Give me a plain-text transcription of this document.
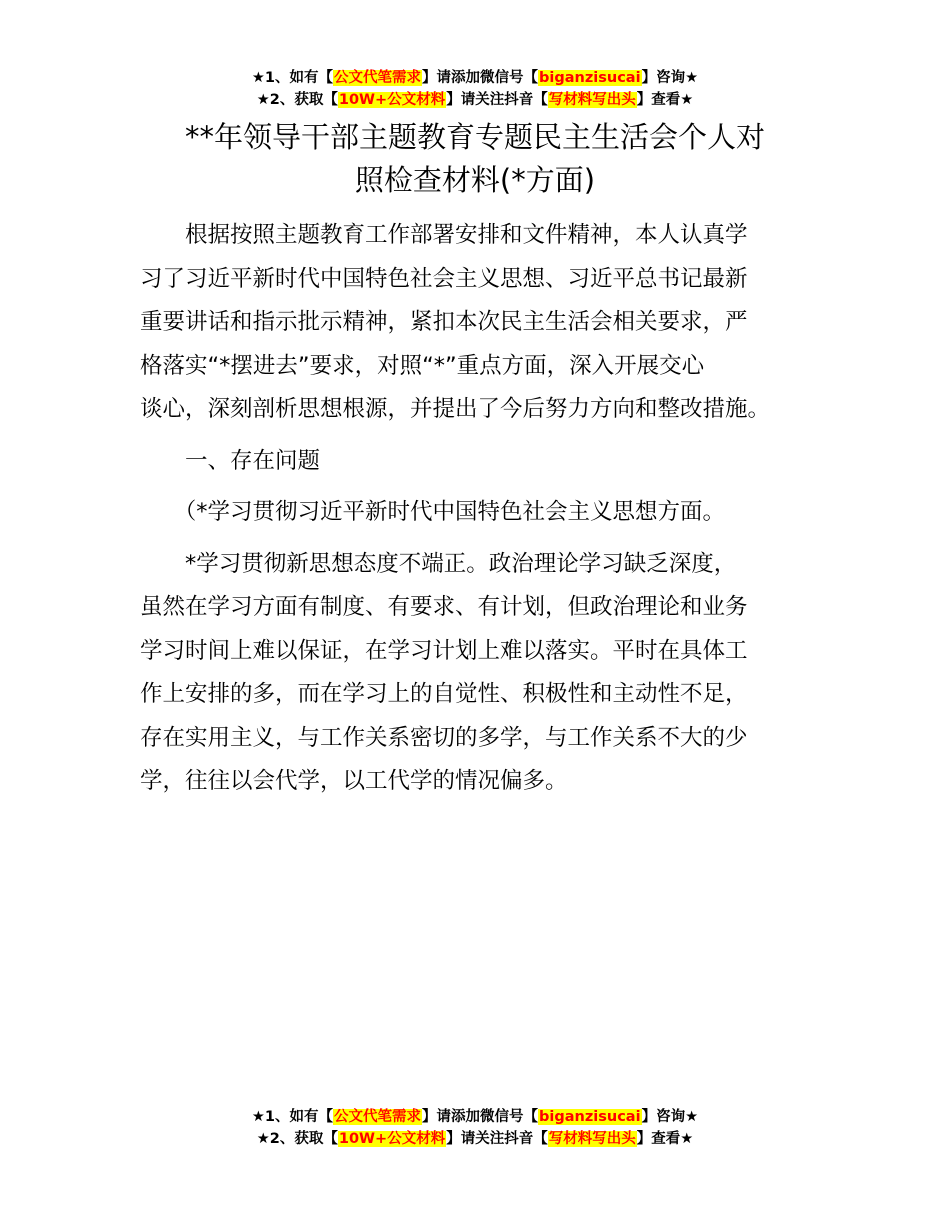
★1、如有【公文代笔需求】请添加微信号【biganzisucai】咨询★
★2、获取【10W+公文材料】请关注抖音【写材料写出头】查看★
**年领导干部主题教育专题民主生活会个人对
照检查材料(*方面)

　　根据按照主题教育工作部署安排和文件精神，本人认真学
习了习近平新时代中国特色社会主义思想、习近平总书记最新
重要讲话和指示批示精神，紧扣本次民主生活会相关要求，严
格落实“*摆进去”要求，对照“*”重点方面，深入开展交心
谈心，深刻剖析思想根源，并提出了今后努力方向和整改措施。

　　一、存在问题

　　（*学习贯彻习近平新时代中国特色社会主义思想方面。

　　*学习贯彻新思想态度不端正。政治理论学习缺乏深度，
虽然在学习方面有制度、有要求、有计划，但政治理论和业务
学习时间上难以保证，在学习计划上难以落实。平时在具体工
作上安排的多，而在学习上的自觉性、积极性和主动性不足，
存在实用主义，与工作关系密切的多学，与工作关系不大的少
学，往往以会代学，以工代学的情况偏多。

★1、如有【公文代笔需求】请添加微信号【biganzisucai】咨询★
★2、获取【10W+公文材料】请关注抖音【写材料写出头】查看★
